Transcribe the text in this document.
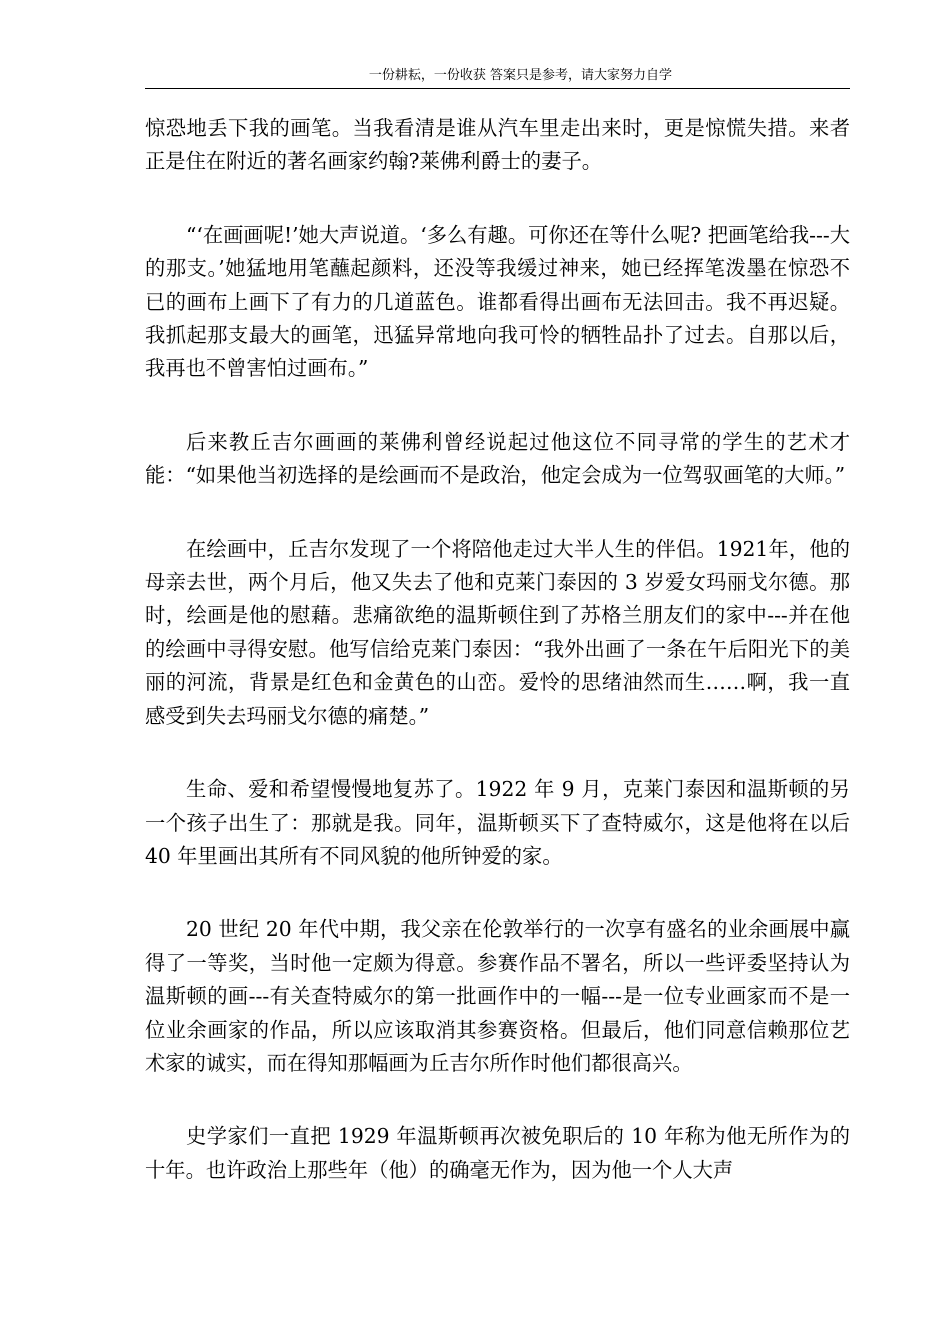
一份耕耘，一份收获 答案只是参考，请大家努力自学

惊恐地丢下我的画笔。当我看清是谁从汽车里走出来时，更是惊慌失措。来者正是住在附近的著名画家约翰?莱佛利爵士的妻子。

“‘在画画呢!’她大声说道。‘多么有趣。可你还在等什么呢? 把画笔给我---大的那支。’她猛地用笔蘸起颜料，还没等我缓过神来，她已经挥笔泼墨在惊恐不已的画布上画下了有力的几道蓝色。谁都看得出画布无法回击。我不再迟疑。我抓起那支最大的画笔，迅猛异常地向我可怜的牺牲品扑了过去。自那以后，我再也不曾害怕过画布。”

后来教丘吉尔画画的莱佛利曾经说起过他这位不同寻常的学生的艺术才能：“如果他当初选择的是绘画而不是政治，他定会成为一位驾驭画笔的大师。”

在绘画中，丘吉尔发现了一个将陪他走过大半人生的伴侣。1921年，他的母亲去世，两个月后，他又失去了他和克莱门泰因的 3 岁爱女玛丽戈尔德。那时，绘画是他的慰藉。悲痛欲绝的温斯顿住到了苏格兰朋友们的家中---并在他的绘画中寻得安慰。他写信给克莱门泰因：“我外出画了一条在午后阳光下的美丽的河流，背景是红色和金黄色的山峦。爱怜的思绪油然而生……啊，我一直感受到失去玛丽戈尔德的痛楚。”

生命、爱和希望慢慢地复苏了。1922 年 9 月，克莱门泰因和温斯顿的另一个孩子出生了：那就是我。同年，温斯顿买下了查特威尔，这是他将在以后 40 年里画出其所有不同风貌的他所钟爱的家。

20 世纪 20 年代中期，我父亲在伦敦举行的一次享有盛名的业余画展中赢得了一等奖，当时他一定颇为得意。参赛作品不署名，所以一些评委坚持认为温斯顿的画---有关查特威尔的第一批画作中的一幅---是一位专业画家而不是一位业余画家的作品，所以应该取消其参赛资格。但最后，他们同意信赖那位艺术家的诚实，而在得知那幅画为丘吉尔所作时他们都很高兴。

史学家们一直把 1929 年温斯顿再次被免职后的 10 年称为他无所作为的十年。也许政治上那些年（他）的确毫无作为，因为他一个人大声
